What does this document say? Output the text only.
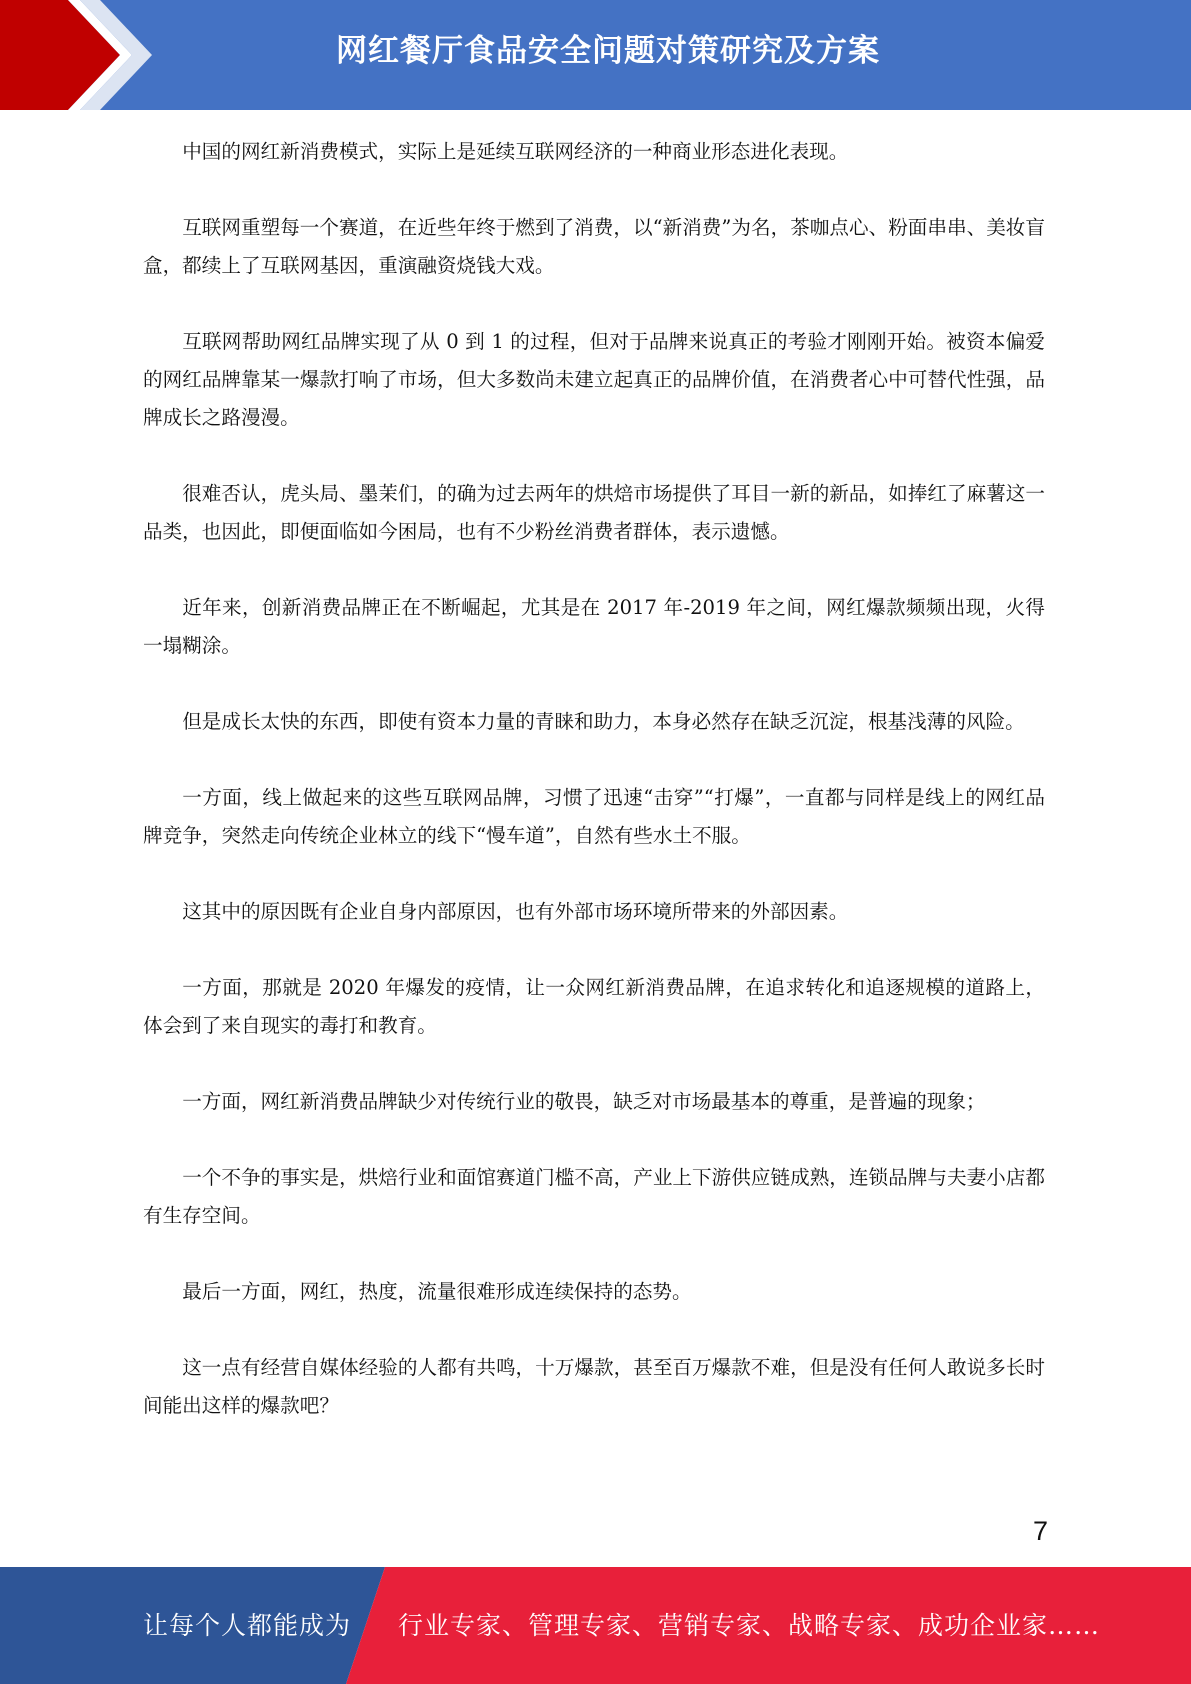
网红餐厅食品安全问题对策研究及方案

中国的网红新消费模式，实际上是延续互联网经济的一种商业形态进化表现。

互联网重塑每一个赛道，在近些年终于燃到了消费，以“新消费”为名，茶咖点心、粉面串串、美妆盲盒，都续上了互联网基因，重演融资烧钱大戏。

互联网帮助网红品牌实现了从 0 到 1 的过程，但对于品牌来说真正的考验才刚刚开始。被资本偏爱的网红品牌靠某一爆款打响了市场，但大多数尚未建立起真正的品牌价值，在消费者心中可替代性强，品牌成长之路漫漫。

很难否认，虎头局、墨茉们，的确为过去两年的烘焙市场提供了耳目一新的新品，如捧红了麻薯这一品类，也因此，即便面临如今困局，也有不少粉丝消费者群体，表示遗憾。

近年来，创新消费品牌正在不断崛起，尤其是在 2017 年-2019 年之间，网红爆款频频出现，火得一塌糊涂。

但是成长太快的东西，即使有资本力量的青睐和助力，本身必然存在缺乏沉淀，根基浅薄的风险。

一方面，线上做起来的这些互联网品牌，习惯了迅速“击穿”“打爆”，一直都与同样是线上的网红品牌竞争，突然走向传统企业林立的线下“慢车道”，自然有些水土不服。

这其中的原因既有企业自身内部原因，也有外部市场环境所带来的外部因素。

一方面，那就是 2020 年爆发的疫情，让一众网红新消费品牌，在追求转化和追逐规模的道路上，体会到了来自现实的毒打和教育。

一方面，网红新消费品牌缺少对传统行业的敬畏，缺乏对市场最基本的尊重，是普遍的现象；

一个不争的事实是，烘焙行业和面馆赛道门槛不高，产业上下游供应链成熟，连锁品牌与夫妻小店都有生存空间。

最后一方面，网红，热度，流量很难形成连续保持的态势。

这一点有经营自媒体经验的人都有共鸣，十万爆款，甚至百万爆款不难，但是没有任何人敢说多长时间能出这样的爆款吧？

7
让每个人都能成为 行业专家、管理专家、营销专家、战略专家、成功企业家……
